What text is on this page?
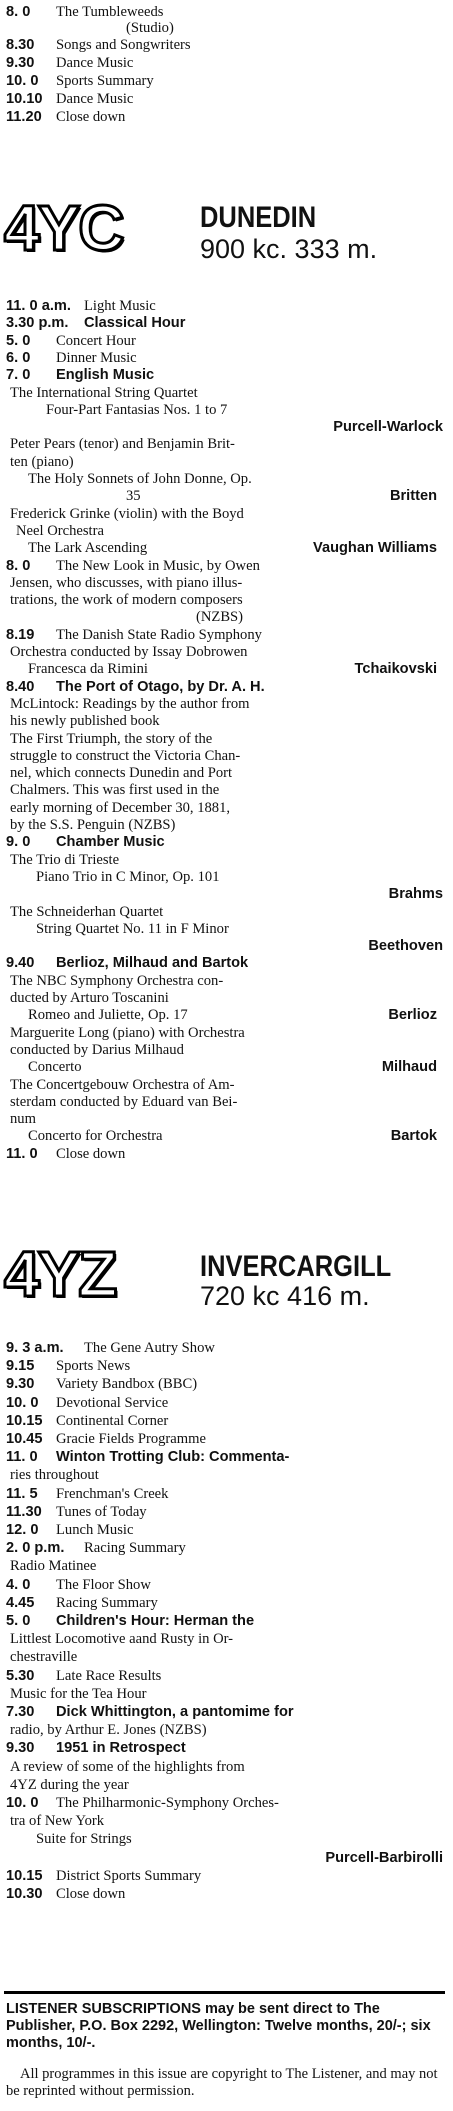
8. 0 The Tumbleweeds
(Studio)
8.30 Songs and Songwriters
9.30 Dance Music
10. 0 Sports Summary
10.10 Dance Music
11.20 Close down
4YC	DUNEDIN
900 kc. 333 m.
11. 0 a.m. Light Music
3.30 p.m. Classical Hour
5. 0 Concert Hour
6. 0 Dinner Music
7. 0 English Music
The International String Quartet
Four-Part Fantasias Nos. 1 to 7
Purcell-Warlock
Peter Pears (tenor) and Benjamin Brit-
ten (piano)
The Holy Sonnets of John Donne, Op.
35	Britten
Frederick Grinke (violin) with the Boyd
Neel Orchestra
The Lark Ascending	Vaughan Williams
8. 0 The New Look in Music, by Owen
Jensen, who discusses, with piano illus-
trations, the work of modern composers
(NZBS)
8.19 The Danish State Radio Symphony
Orchestra conducted by Issay Dobrowen
Francesca da Rimini	Tchaikovski
8.40 The Port of Otago, by Dr. A. H.
McLintock: Readings by the author from
his newly published book
The First Triumph, the story of the
struggle to construct the Victoria Chan-
nel, which connects Dunedin and Port
Chalmers. This was first used in the
early morning of December 30, 1881,
by the S.S. Penguin (NZBS)
9. 0 Chamber Music
The Trio di Trieste
Piano Trio in C Minor, Op. 101
Brahms
The Schneiderhan Quartet
String Quartet No. 11 in F Minor
Beethoven
9.40 Berlioz, Milhaud and Bartok
The NBC Symphony Orchestra con-
ducted by Arturo Toscanini
Romeo and Juliette, Op. 17	Berlioz
Marguerite Long (piano) with Orchestra
conducted by Darius Milhaud
Concerto	Milhaud
The Concertgebouw Orchestra of Am-
sterdam conducted by Eduard van Bei-
num
Concerto for Orchestra	Bartok
11. 0 Close down
4YZ	INVERCARGILL
720 kc 416 m.
9. 3 a.m. The Gene Autry Show
9.15 Sports News
9.30 Variety Bandbox (BBC)
10. 0 Devotional Service
10.15 Continental Corner
10.45 Gracie Fields Programme
11. 0 Winton Trotting Club: Commenta-
ries throughout
11. 5 Frenchman's Creek
11.30 Tunes of Today
12. 0 Lunch Music
2. 0 p.m. Racing Summary
Radio Matinee
4. 0 The Floor Show
4.45 Racing Summary
5. 0 Children's Hour: Herman the
Littlest Locomotive aand Rusty in Or-
chestraville
5.30 Late Race Results
Music for the Tea Hour
7.30 Dick Whittington, a pantomime for
radio, by Arthur E. Jones (NZBS)
9.30 1951 in Retrospect
A review of some of the highlights from
4YZ during the year
10. 0 The Philharmonic-Symphony Orches-
tra of New York
Suite for Strings
Purcell-Barbirolli
10.15 District Sports Summary
10.30 Close down
LISTENER SUBSCRIPTIONS may be sent direct to The Publisher, P.O. Box 2292, Wellington: Twelve months, 20/-; six months, 10/-.
All programmes in this issue are copyright to The Listener, and may not be reprinted without permission.
